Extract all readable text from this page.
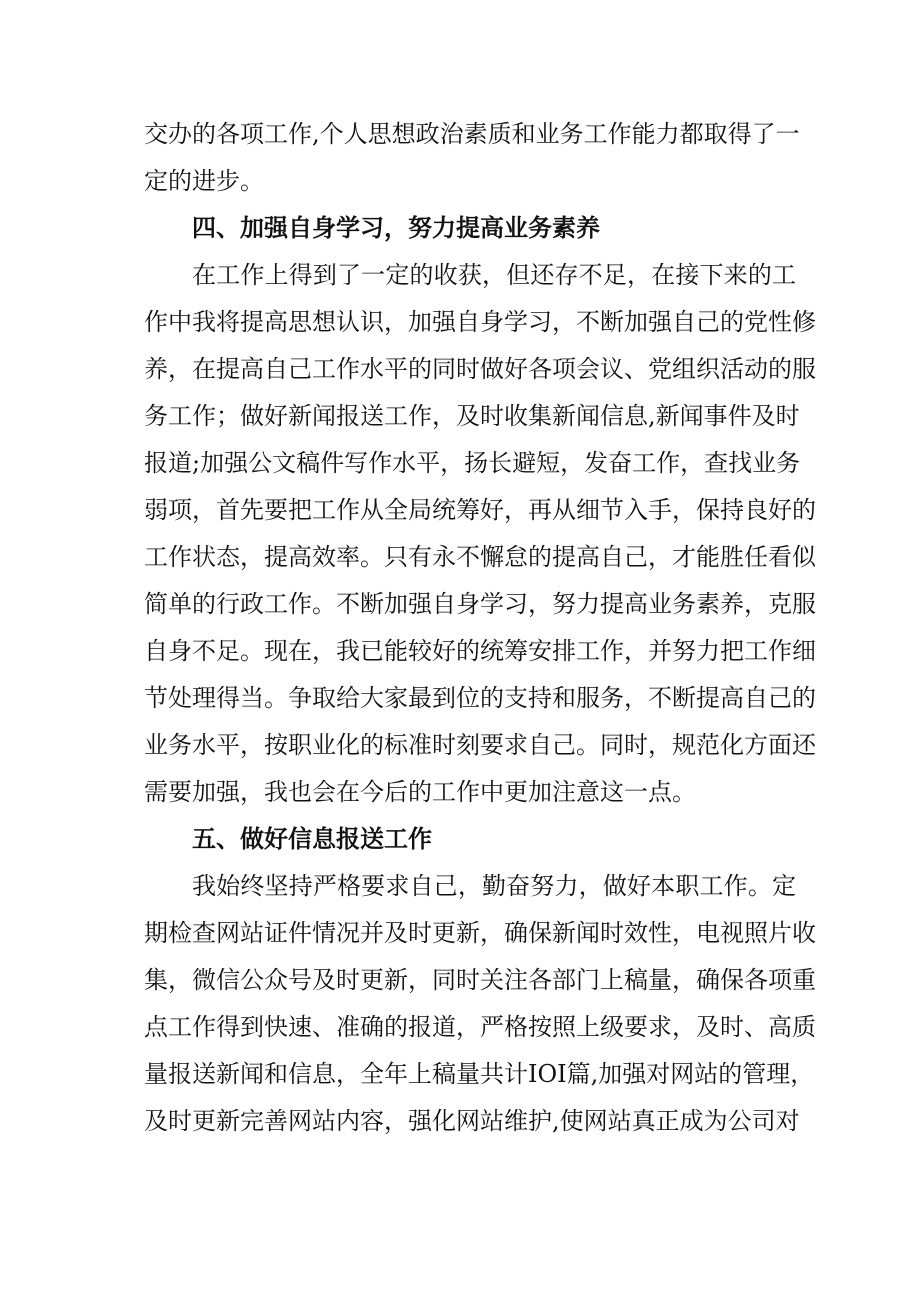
交办的各项工作,个人思想政治素质和业务工作能力都取得了一
定的进步。
四、加强自身学习，努力提高业务素养
在工作上得到了一定的收获，但还存不足，在接下来的工
作中我将提高思想认识，加强自身学习，不断加强自己的党性修
养，在提高自己工作水平的同时做好各项会议、党组织活动的服
务工作；做好新闻报送工作，及时收集新闻信息,新闻事件及时
报道;加强公文稿件写作水平，扬长避短，发奋工作，查找业务
弱项，首先要把工作从全局统筹好，再从细节入手，保持良好的
工作状态，提高效率。只有永不懈怠的提高自己，才能胜任看似
简单的行政工作。不断加强自身学习，努力提高业务素养，克服
自身不足。现在，我已能较好的统筹安排工作，并努力把工作细
节处理得当。争取给大家最到位的支持和服务，不断提高自己的
业务水平，按职业化的标准时刻要求自己。同时，规范化方面还
需要加强，我也会在今后的工作中更加注意这一点。
五、做好信息报送工作
我始终坚持严格要求自己，勤奋努力，做好本职工作。定
期检查网站证件情况并及时更新，确保新闻时效性，电视照片收
集，微信公众号及时更新，同时关注各部门上稿量，确保各项重
点工作得到快速、准确的报道，严格按照上级要求，及时、高质
量报送新闻和信息，全年上稿量共计IOI篇,加强对网站的管理，
及时更新完善网站内容，强化网站维护,使网站真正成为公司对
